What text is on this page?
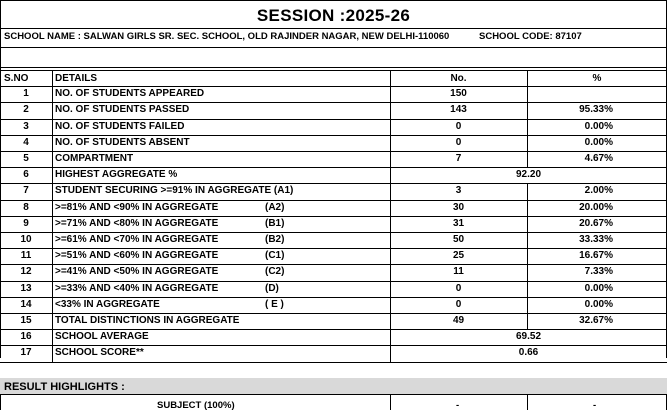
SESSION :2025-26
SCHOOL NAME : SALWAN GIRLS SR. SEC. SCHOOL, OLD RAJINDER NAGAR, NEW DELHI-110060	SCHOOL CODE: 87107
S.NO	DETAILS	No.	%
1	NO. OF STUDENTS APPEARED	150
2	NO. OF STUDENTS PASSED	143	95.33%
3	NO. OF STUDENTS FAILED	0	0.00%
4	NO. OF STUDENTS ABSENT	0	0.00%
5	COMPARTMENT	7	4.67%
6	HIGHEST AGGREGATE %	92.20
7	STUDENT SECURING >=91% IN AGGREGATE (A1)	3	2.00%
8	>=81% AND <90% IN AGGREGATE	(A2)	30	20.00%
9	>=71% AND <80% IN AGGREGATE	(B1)	31	20.67%
10	>=61% AND <70% IN AGGREGATE	(B2)	50	33.33%
11	>=51% AND <60% IN AGGREGATE	(C1)	25	16.67%
12	>=41% AND <50% IN AGGREGATE	(C2)	11	7.33%
13	>=33% AND <40% IN AGGREGATE	(D)	0	0.00%
14	<33% IN AGGREGATE	( E )	0	0.00%
15	TOTAL DISTINCTIONS IN AGGREGATE	49	32.67%
16	SCHOOL AVERAGE	69.52
17	SCHOOL SCORE**	0.66
RESULT HIGHLIGHTS :
SUBJECT (100%)	-	-
